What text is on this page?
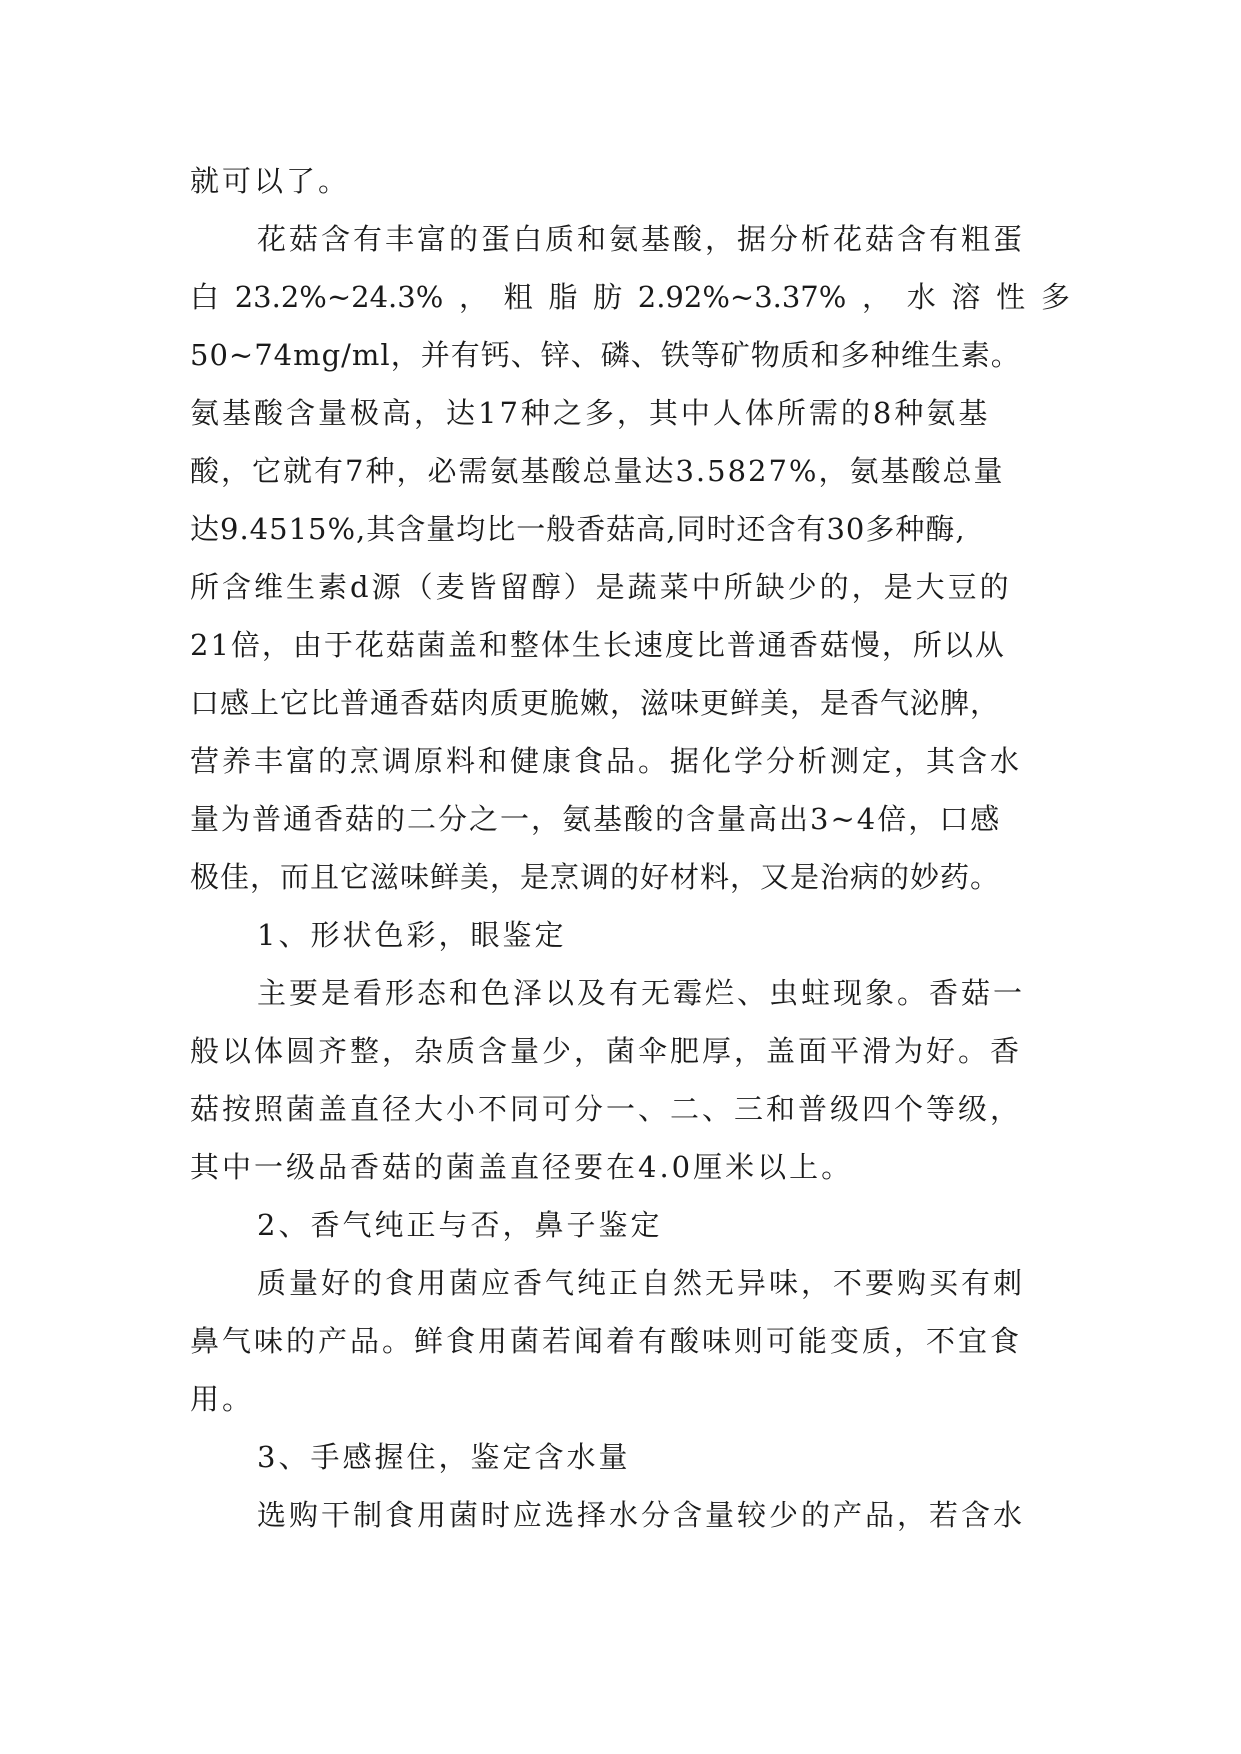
就可以了。
花菇含有丰富的蛋白质和氨基酸，据分析花菇含有粗蛋
白 23.2%~24.3% ， 粗 脂 肪 2.92%~3.37% ， 水 溶 性 多
50~74mg/ml，并有钙、锌、磷、铁等矿物质和多种维生素。
氨基酸含量极高，达17种之多，其中人体所需的8种氨基
酸，它就有7种，必需氨基酸总量达3.5827%，氨基酸总量
达9.4515%,其含量均比一般香菇高,同时还含有30多种酶,
所含维生素d源（麦皆留醇）是蔬菜中所缺少的，是大豆的
21倍，由于花菇菌盖和整体生长速度比普通香菇慢，所以从
口感上它比普通香菇肉质更脆嫩，滋味更鲜美，是香气泌脾，
营养丰富的烹调原料和健康食品。据化学分析测定，其含水
量为普通香菇的二分之一，氨基酸的含量高出3~4倍，口感
极佳，而且它滋味鲜美，是烹调的好材料，又是治病的妙药。
1、形状色彩，眼鉴定
主要是看形态和色泽以及有无霉烂、虫蛀现象。香菇一
般以体圆齐整，杂质含量少，菌伞肥厚，盖面平滑为好。香
菇按照菌盖直径大小不同可分一、二、三和普级四个等级，
其中一级品香菇的菌盖直径要在4.0厘米以上。
2、香气纯正与否，鼻子鉴定
质量好的食用菌应香气纯正自然无异味，不要购买有刺
鼻气味的产品。鲜食用菌若闻着有酸味则可能变质，不宜食
用。
3、手感握住，鉴定含水量
选购干制食用菌时应选择水分含量较少的产品，若含水
